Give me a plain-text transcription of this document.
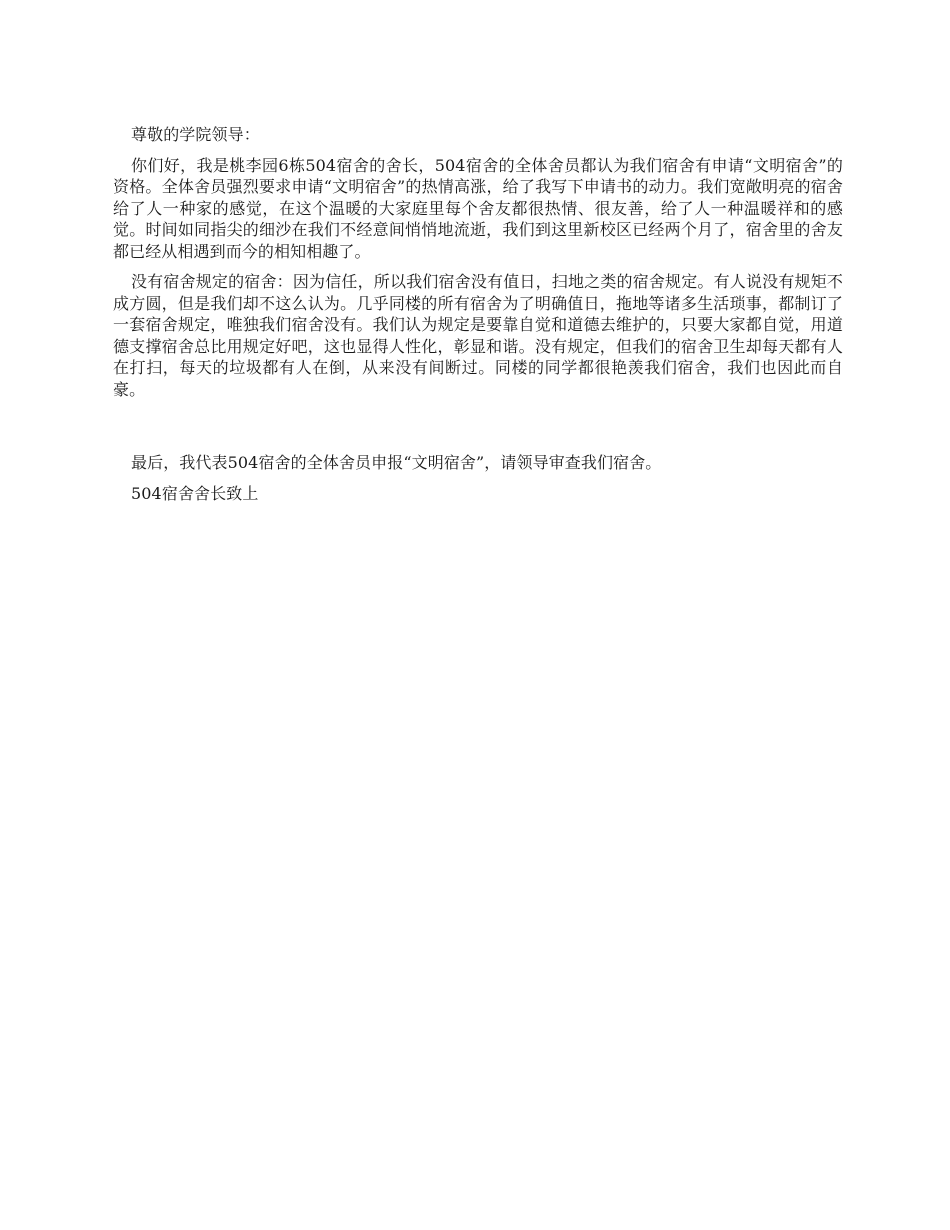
尊敬的学院领导：

你们好，我是桃李园6栋504宿舍的舍长，504宿舍的全体舍员都认为我们宿舍有申请“文明宿舍”的资格。全体舍员强烈要求申请“文明宿舍”的热情高涨，给了我写下申请书的动力。我们宽敞明亮的宿舍给了人一种家的感觉，在这个温暖的大家庭里每个舍友都很热情、很友善，给了人一种温暖祥和的感觉。时间如同指尖的细沙在我们不经意间悄悄地流逝，我们到这里新校区已经两个月了，宿舍里的舍友都已经从相遇到而今的相知相趣了。

没有宿舍规定的宿舍：因为信任，所以我们宿舍没有值日，扫地之类的宿舍规定。有人说没有规矩不成方圆，但是我们却不这么认为。几乎同楼的所有宿舍为了明确值日，拖地等诸多生活琐事，都制订了一套宿舍规定，唯独我们宿舍没有。我们认为规定是要靠自觉和道德去维护的，只要大家都自觉，用道德支撑宿舍总比用规定好吧，这也显得人性化，彰显和谐。没有规定，但我们的宿舍卫生却每天都有人在打扫，每天的垃圾都有人在倒，从来没有间断过。同楼的同学都很艳羡我们宿舍，我们也因此而自豪。

最后，我代表504宿舍的全体舍员申报“文明宿舍”，请领导审查我们宿舍。

504宿舍舍长致上
